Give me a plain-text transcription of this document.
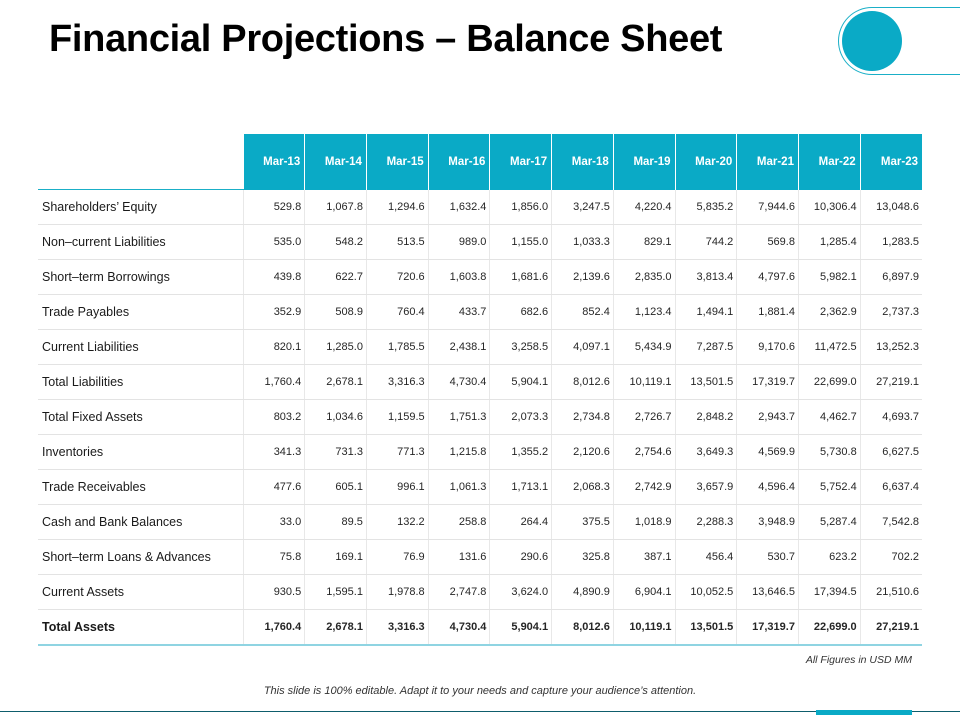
Financial Projections – Balance Sheet
	Mar-13	Mar-14	Mar-15	Mar-16	Mar-17	Mar-18	Mar-19	Mar-20	Mar-21	Mar-22	Mar-23
Shareholders’ Equity	529.8	1,067.8	1,294.6	1,632.4	1,856.0	3,247.5	4,220.4	5,835.2	7,944.6	10,306.4	13,048.6
Non–current Liabilities	535.0	548.2	513.5	989.0	1,155.0	1,033.3	829.1	744.2	569.8	1,285.4	1,283.5
Short–term Borrowings	439.8	622.7	720.6	1,603.8	1,681.6	2,139.6	2,835.0	3,813.4	4,797.6	5,982.1	6,897.9
Trade Payables	352.9	508.9	760.4	433.7	682.6	852.4	1,123.4	1,494.1	1,881.4	2,362.9	2,737.3
Current Liabilities	820.1	1,285.0	1,785.5	2,438.1	3,258.5	4,097.1	5,434.9	7,287.5	9,170.6	11,472.5	13,252.3
Total Liabilities	1,760.4	2,678.1	3,316.3	4,730.4	5,904.1	8,012.6	10,119.1	13,501.5	17,319.7	22,699.0	27,219.1
Total Fixed Assets	803.2	1,034.6	1,159.5	1,751.3	2,073.3	2,734.8	2,726.7	2,848.2	2,943.7	4,462.7	4,693.7
Inventories	341.3	731.3	771.3	1,215.8	1,355.2	2,120.6	2,754.6	3,649.3	4,569.9	5,730.8	6,627.5
Trade Receivables	477.6	605.1	996.1	1,061.3	1,713.1	2,068.3	2,742.9	3,657.9	4,596.4	5,752.4	6,637.4
Cash and Bank Balances	33.0	89.5	132.2	258.8	264.4	375.5	1,018.9	2,288.3	3,948.9	5,287.4	7,542.8
Short–term Loans & Advances	75.8	169.1	76.9	131.6	290.6	325.8	387.1	456.4	530.7	623.2	702.2
Current Assets	930.5	1,595.1	1,978.8	2,747.8	3,624.0	4,890.9	6,904.1	10,052.5	13,646.5	17,394.5	21,510.6
Total Assets	1,760.4	2,678.1	3,316.3	4,730.4	5,904.1	8,012.6	10,119.1	13,501.5	17,319.7	22,699.0	27,219.1
All Figures in USD MM
This slide is 100% editable. Adapt it to your needs and capture your audience’s attention.
